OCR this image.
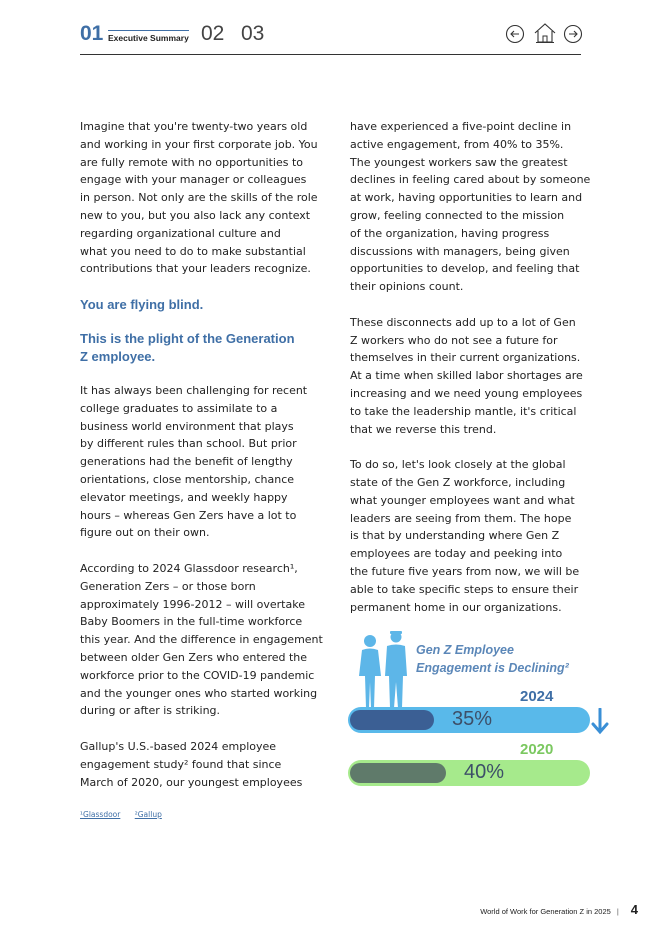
01 Executive Summary 02 03

Imagine that you're twenty-two years old
and working in your first corporate job. You
are fully remote with no opportunities to
engage with your manager or colleagues
in person. Not only are the skills of the role
new to you, but you also lack any context
regarding organizational culture and
what you need to do to make substantial
contributions that your leaders recognize.

You are flying blind.
This is the plight of the Generation
Z employee.

It has always been challenging for recent
college graduates to assimilate to a
business world environment that plays
by different rules than school. But prior
generations had the benefit of lengthy
orientations, close mentorship, chance
elevator meetings, and weekly happy
hours – whereas Gen Zers have a lot to
figure out on their own.

According to 2024 Glassdoor research¹,
Generation Zers – or those born
approximately 1996-2012 – will overtake
Baby Boomers in the full-time workforce
this year. And the difference in engagement
between older Gen Zers who entered the
workforce prior to the COVID-19 pandemic
and the younger ones who started working
during or after is striking.

Gallup's U.S.-based 2024 employee
engagement study² found that since
March of 2020, our youngest employees

have experienced a five-point decline in
active engagement, from 40% to 35%.
The youngest workers saw the greatest
declines in feeling cared about by someone
at work, having opportunities to learn and
grow, feeling connected to the mission
of the organization, having progress
discussions with managers, being given
opportunities to develop, and feeling that
their opinions count.

These disconnects add up to a lot of Gen
Z workers who do not see a future for
themselves in their current organizations.
At a time when skilled labor shortages are
increasing and we need young employees
to take the leadership mantle, it's critical
that we reverse this trend.

To do so, let's look closely at the global
state of the Gen Z workforce, including
what younger employees want and what
leaders are seeing from them. The hope
is that by understanding where Gen Z
employees are today and peeking into
the future five years from now, we will be
able to take specific steps to ensure their
permanent home in our organizations.

Gen Z Employee
Engagement is Declining²
2024
35%
2020
40%
¹Glassdoor ²Gallup
World of Work for Generation Z in 2025 | 4
